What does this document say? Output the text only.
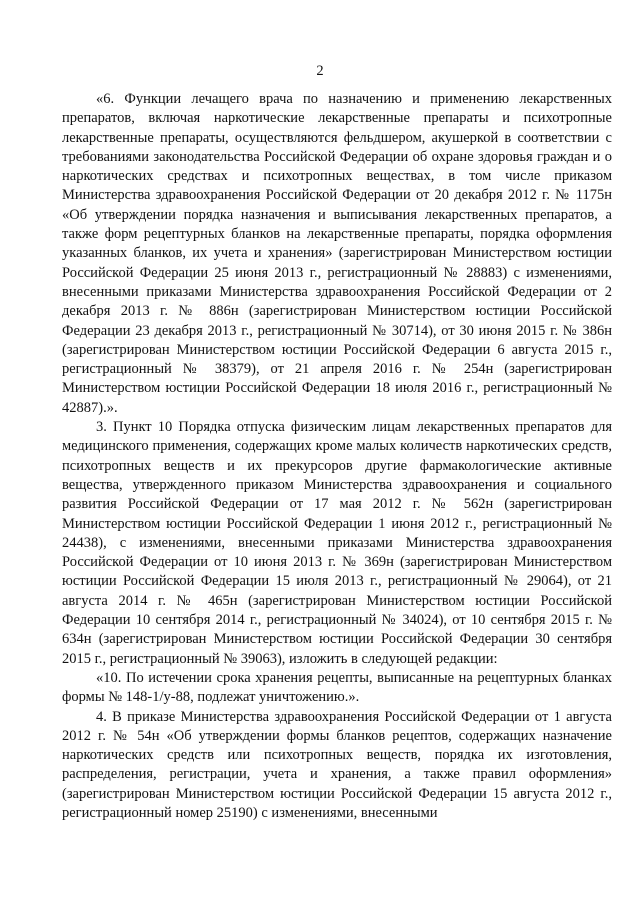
2

«6. Функции лечащего врача по назначению и применению лекарственных препаратов, включая наркотические лекарственные препараты и психотропные лекарственные препараты, осуществляются фельдшером, акушеркой в соответствии с требованиями законодательства Российской Федерации об охране здоровья граждан и о наркотических средствах и психотропных веществах, в том числе приказом Министерства здравоохранения Российской Федерации от 20 декабря 2012 г. № 1175н «Об утверждении порядка назначения и выписывания лекарственных препаратов, а также форм рецептурных бланков на лекарственные препараты, порядка оформления указанных бланков, их учета и хранения» (зарегистрирован Министерством юстиции Российской Федерации 25 июня 2013 г., регистрационный № 28883) с изменениями, внесенными приказами Министерства здравоохранения Российской Федерации от 2 декабря 2013 г. № 886н (зарегистрирован Министерством юстиции Российской Федерации 23 декабря 2013 г., регистрационный № 30714), от 30 июня 2015 г. № 386н (зарегистрирован Министерством юстиции Российской Федерации 6 августа 2015 г., регистрационный № 38379), от 21 апреля 2016 г. № 254н (зарегистрирован Министерством юстиции Российской Федерации 18 июля 2016 г., регистрационный № 42887).».

3. Пункт 10 Порядка отпуска физическим лицам лекарственных препаратов для медицинского применения, содержащих кроме малых количеств наркотических средств, психотропных веществ и их прекурсоров другие фармакологические активные вещества, утвержденного приказом Министерства здравоохранения и социального развития Российской Федерации от 17 мая 2012 г. № 562н (зарегистрирован Министерством юстиции Российской Федерации 1 июня 2012 г., регистрационный № 24438), с изменениями, внесенными приказами Министерства здравоохранения Российской Федерации от 10 июня 2013 г. № 369н (зарегистрирован Министерством юстиции Российской Федерации 15 июля 2013 г., регистрационный № 29064), от 21 августа 2014 г. № 465н (зарегистрирован Министерством юстиции Российской Федерации 10 сентября 2014 г., регистрационный № 34024), от 10 сентября 2015 г. № 634н (зарегистрирован Министерством юстиции Российской Федерации 30 сентября 2015 г., регистрационный № 39063), изложить в следующей редакции:

«10. По истечении срока хранения рецепты, выписанные на рецептурных бланках формы № 148-1/у-88, подлежат уничтожению.».

4. В приказе Министерства здравоохранения Российской Федерации от 1 августа 2012 г. № 54н «Об утверждении формы бланков рецептов, содержащих назначение наркотических средств или психотропных веществ, порядка их изготовления, распределения, регистрации, учета и хранения, а также правил оформления» (зарегистрирован Министерством юстиции Российской Федерации 15 августа 2012 г., регистрационный номер 25190) с изменениями, внесенными
